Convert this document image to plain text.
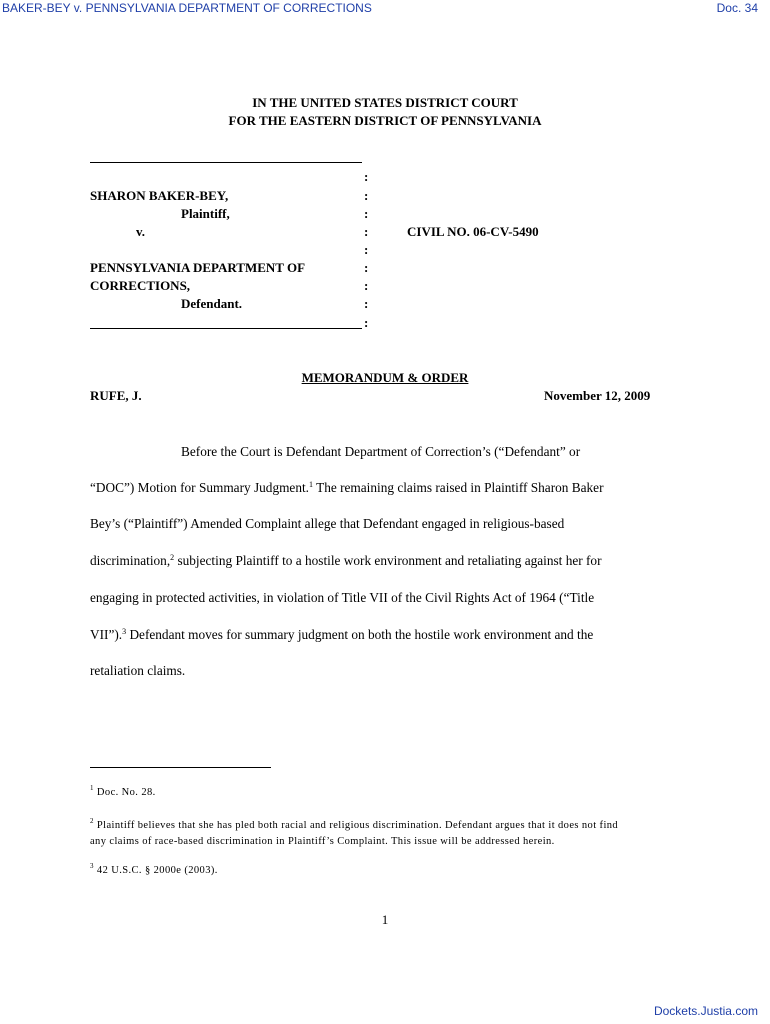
BAKER-BEY v. PENNSYLVANIA DEPARTMENT OF CORRECTIONS	Doc. 34
IN THE UNITED STATES DISTRICT COURT
FOR THE EASTERN DISTRICT OF PENNSYLVANIA
SHARON BAKER-BEY,
Plaintiff,
v.
PENNSYLVANIA DEPARTMENT OF
CORRECTIONS,
Defendant.
:
:
:
:
:
:
:
:
:
CIVIL NO. 06-CV-5490
MEMORANDUM & ORDER
RUFE, J.	November 12, 2009
Before the Court is Defendant Department of Correction’s (“Defendant” or
“DOC”) Motion for Summary Judgment.$^1$ The remaining claims raised in Plaintiff Sharon Baker
Bey’s (“Plaintiff”) Amended Complaint allege that Defendant engaged in religious-based
discrimination,$^2$ subjecting Plaintiff to a hostile work environment and retaliating against her for
engaging in protected activities, in violation of Title VII of the Civil Rights Act of 1964 (“Title
VII”).$^3$ Defendant moves for summary judgment on both the hostile work environment and the
retaliation claims.
$^1$ Doc. No. 28.
$^2$ Plaintiff believes that she has pled both racial and religious discrimination. Defendant argues that it does not find
any claims of race-based discrimination in Plaintiff’s Complaint. This issue will be addressed herein.
$^3$ 42 U.S.C. § 2000e (2003).
1
Dockets.Justia.com
